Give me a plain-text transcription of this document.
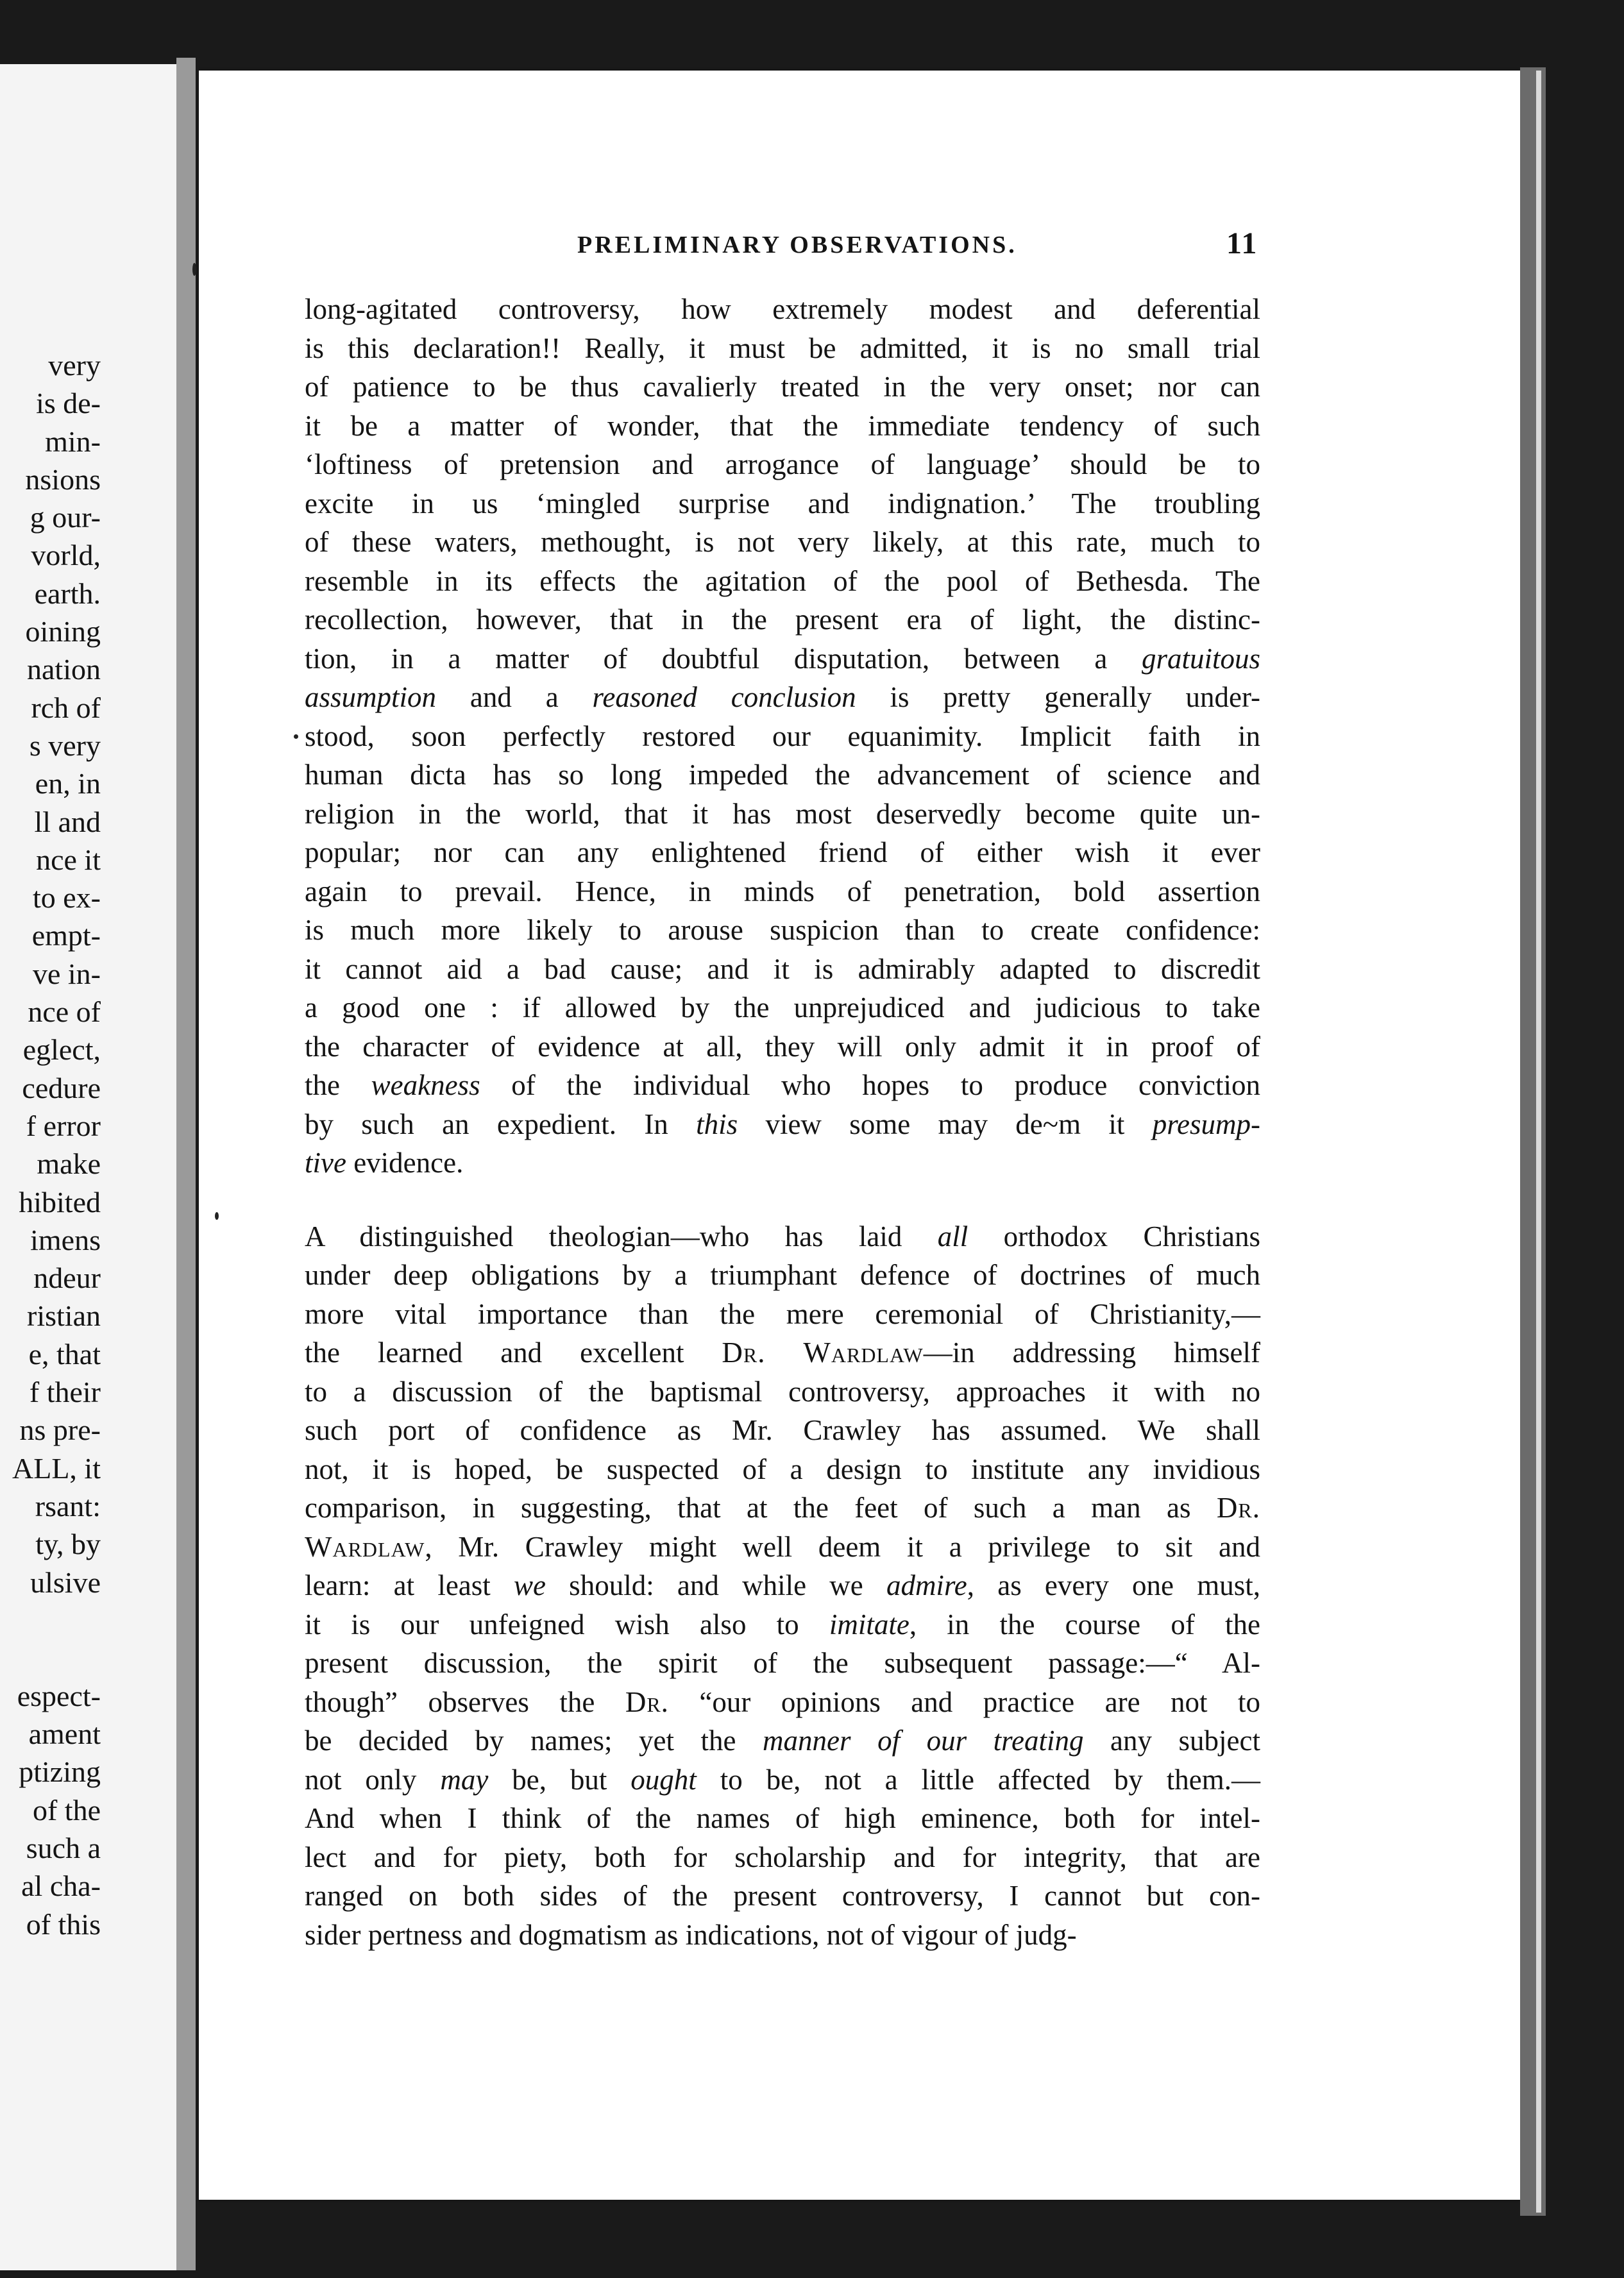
very
is de-
min-
nsions
g our-
vorld,
earth.
oining
nation
rch of
s very
en, in
ll and
nce it
to ex-
empt-
ve in-
nce of
eglect,
cedure
f error
make
hibited
imens
ndeur
ristian
e, that
f their
ns pre-
ALL, it
rsant:
ty, by
ulsive
espect-
ament
ptizing
of the
such a
al cha-
of this
PRELIMINARY OBSERVATIONS.	11

long-agitated controversy, how extremely modest and deferential
is this declaration!! Really, it must be admitted, it is no small trial
of patience to be thus cavalierly treated in the very onset; nor can
it be a matter of wonder, that the immediate tendency of such
‘loftiness of pretension and arrogance of language’ should be to
excite in us ‘mingled surprise and indignation.’ The troubling
of these waters, methought, is not very likely, at this rate, much to
resemble in its effects the agitation of the pool of Bethesda. The
recollection, however, that in the present era of light, the distinc-
tion, in a matter of doubtful disputation, between a gratuitous
assumption and a reasoned conclusion is pretty generally under-
stood, soon perfectly restored our equanimity. Implicit faith in
human dicta has so long impeded the advancement of science and
religion in the world, that it has most deservedly become quite un-
popular; nor can any enlightened friend of either wish it ever
again to prevail. Hence, in minds of penetration, bold assertion
is much more likely to arouse suspicion than to create confidence:
it cannot aid a bad cause; and it is admirably adapted to discredit
a good one : if allowed by the unprejudiced and judicious to take
the character of evidence at all, they will only admit it in proof of
the weakness of the individual who hopes to produce conviction
by such an expedient. In this view some may de~m it presump-
tive evidence.

A distinguished theologian—who has laid all orthodox Christians
under deep obligations by a triumphant defence of doctrines of much
more vital importance than the mere ceremonial of Christianity,—
the learned and excellent Dr. Wardlaw—in addressing himself
to a discussion of the baptismal controversy, approaches it with no
such port of confidence as Mr. Crawley has assumed. We shall
not, it is hoped, be suspected of a design to institute any invidious
comparison, in suggesting, that at the feet of such a man as Dr.
Wardlaw, Mr. Crawley might well deem it a privilege to sit and
learn: at least we should: and while we admire, as every one must,
it is our unfeigned wish also to imitate, in the course of the
present discussion, the spirit of the subsequent passage:—“ Al-
though” observes the Dr. “our opinions and practice are not to
be decided by names; yet the manner of our treating any subject
not only may be, but ought to be, not a little affected by them.—
And when I think of the names of high eminence, both for intel-
lect and for piety, both for scholarship and for integrity, that are
ranged on both sides of the present controversy, I cannot but con-
sider pertness and dogmatism as indications, not of vigour of judg-
